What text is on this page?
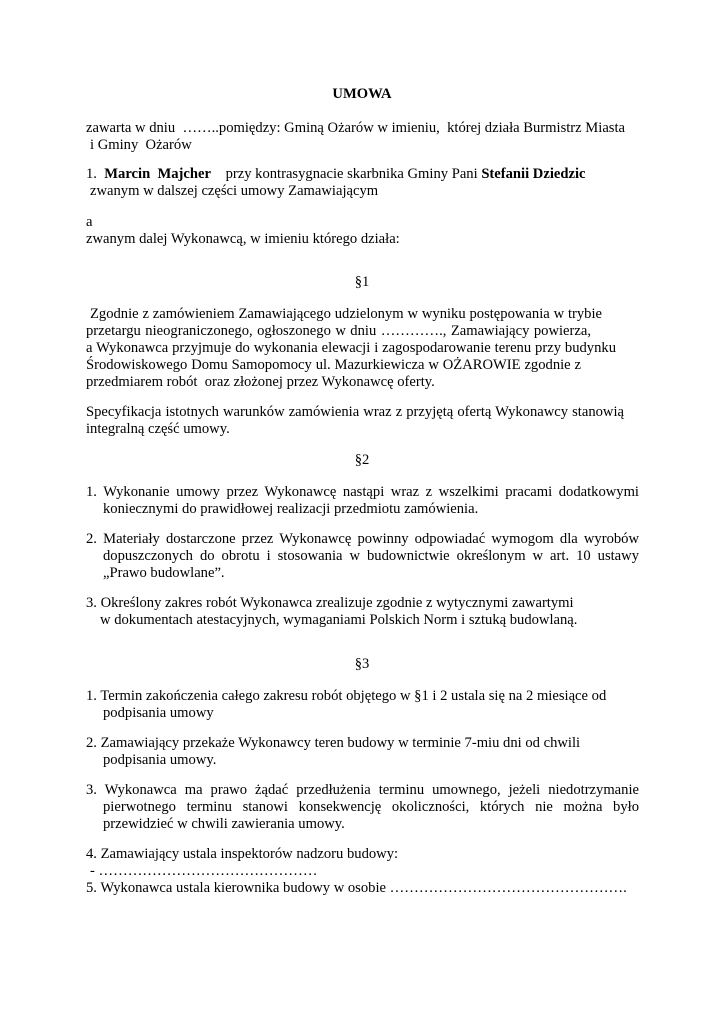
UMOWA
zawarta w dniu  ……..pomiędzy: Gminą Ożarów w imieniu,  której działa Burmistrz Miasta
i Gminy  Ożarów
1. Marcin  Majcher przy kontrasygnacie skarbnika Gminy Pani Stefanii Dziedzic
zwanym w dalszej części umowy Zamawiającym
a
zwanym dalej Wykonawcą, w imieniu którego działa:
§1
Zgodnie z zamówieniem Zamawiającego udzielonym w wyniku postępowania w trybie
przetargu nieograniczonego, ogłoszonego w dniu …………., Zamawiający powierza,
a Wykonawca przyjmuje do wykonania elewacji i zagospodarowanie terenu przy budynku
Środowiskowego Domu Samopomocy ul. Mazurkiewicza w OŻAROWIE zgodnie z
przedmiarem robót  oraz złożonej przez Wykonawcę oferty.
Specyfikacja istotnych warunków zamówienia wraz z przyjętą ofertą Wykonawcy stanowią
integralną część umowy.
§2
1. Wykonanie umowy przez Wykonawcę nastąpi wraz z wszelkimi pracami dodatkowymi
koniecznymi do prawidłowej realizacji przedmiotu zamówienia.
2. Materiały dostarczone przez Wykonawcę powinny odpowiadać wymogom dla wyrobów
dopuszczonych do obrotu i stosowania w budownictwie określonym w art. 10 ustawy
„Prawo budowlane”.
3. Określony zakres robót Wykonawca zrealizuje zgodnie z wytycznymi zawartymi
w dokumentach atestacyjnych, wymaganiami Polskich Norm i sztuką budowlaną.
§3
1. Termin zakończenia całego zakresu robót objętego w §1 i 2 ustala się na 2 miesiące od
podpisania umowy
2. Zamawiający przekaże Wykonawcy teren budowy w terminie 7-miu dni od chwili
podpisania umowy.
3. Wykonawca ma prawo żądać przedłużenia terminu umownego, jeżeli niedotrzymanie
pierwotnego terminu stanowi konsekwencję okoliczności, których nie można było
przewidzieć w chwili zawierania umowy.
4. Zamawiający ustala inspektorów nadzoru budowy:
- ………………………………………
5. Wykonawca ustala kierownika budowy w osobie ………………………………………….
